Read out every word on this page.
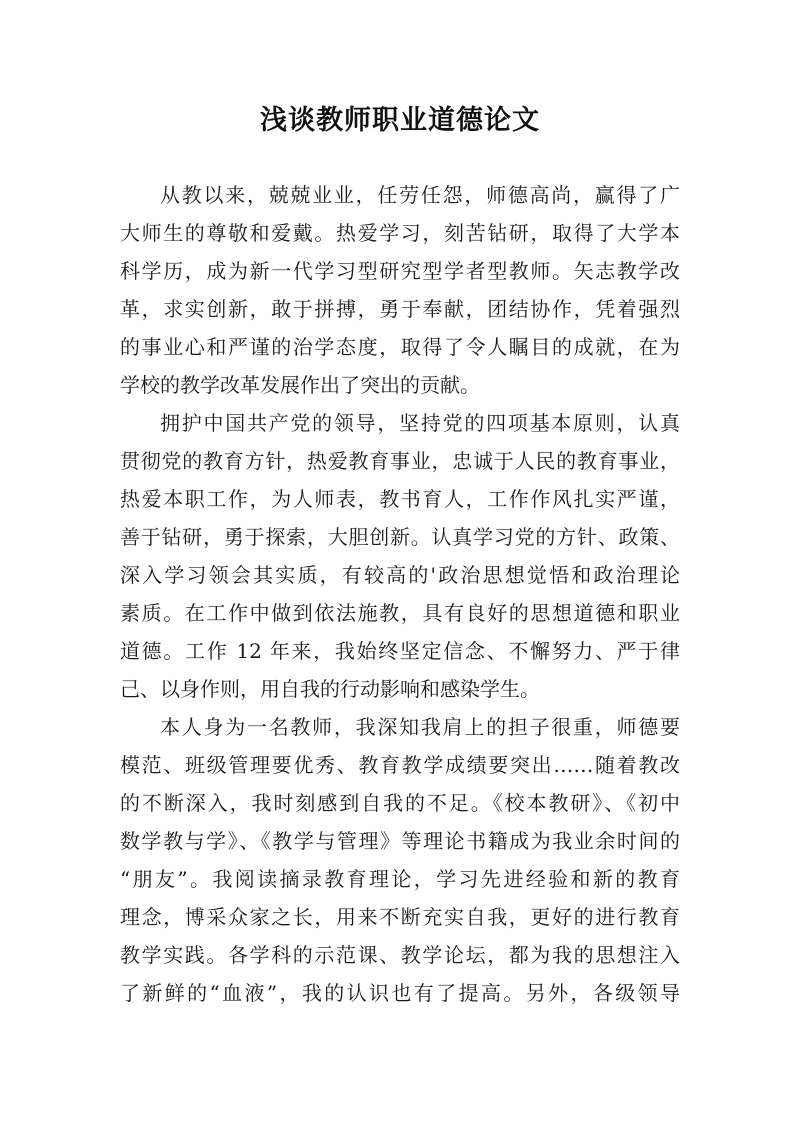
浅谈教师职业道德论文
从教以来，兢兢业业，任劳任怨，师德高尚，赢得了广
大师生的尊敬和爱戴。热爱学习，刻苦钻研，取得了大学本
科学历，成为新一代学习型研究型学者型教师。矢志教学改
革，求实创新，敢于拼搏，勇于奉献，团结协作，凭着强烈
的事业心和严谨的治学态度，取得了令人瞩目的成就，在为
学校的教学改革发展作出了突出的贡献。
拥护中国共产党的领导，坚持党的四项基本原则，认真
贯彻党的教育方针，热爱教育事业，忠诚于人民的教育事业，
热爱本职工作，为人师表，教书育人，工作作风扎实严谨，
善于钻研，勇于探索，大胆创新。认真学习党的方针、政策、
深入学习领会其实质，有较高的'政治思想觉悟和政治理论
素质。在工作中做到依法施教，具有良好的思想道德和职业
道德。工作 12 年来，我始终坚定信念、不懈努力、严于律
己、以身作则，用自我的行动影响和感染学生。
本人身为一名教师，我深知我肩上的担子很重，师德要
模范、班级管理要优秀、教育教学成绩要突出……随着教改
的不断深入，我时刻感到自我的不足。《校本教研》、《初中
数学教与学》、《教学与管理》等理论书籍成为我业余时间的
“朋友”。我阅读摘录教育理论，学习先进经验和新的教育
理念，博采众家之长，用来不断充实自我，更好的进行教育
教学实践。各学科的示范课、教学论坛，都为我的思想注入
了新鲜的“血液”，我的认识也有了提高。另外，各级领导
